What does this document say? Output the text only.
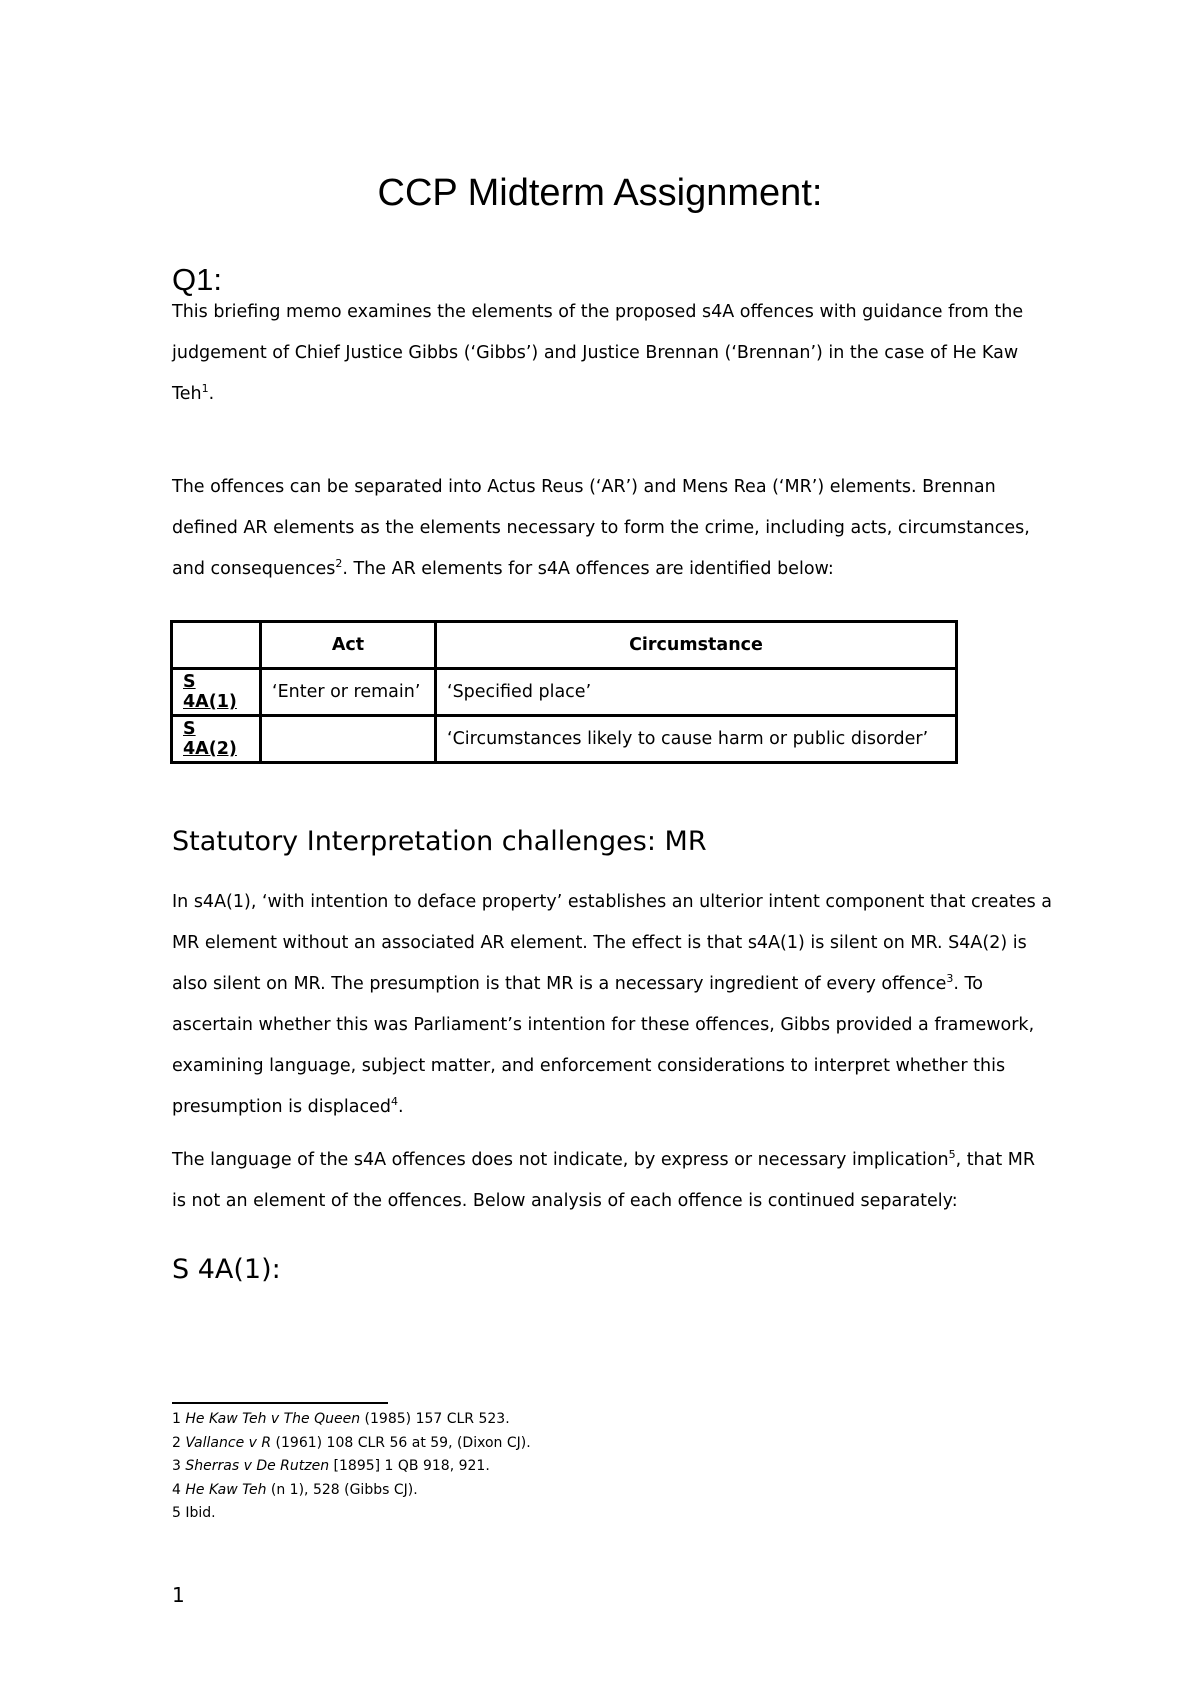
CCP Midterm Assignment:
Q1:

This briefing memo examines the elements of the proposed s4A offences with guidance from the judgement of Chief Justice Gibbs (‘Gibbs’) and Justice Brennan (‘Brennan’) in the case of He Kaw Teh$^1$.

The offences can be separated into Actus Reus (‘AR’) and Mens Rea (‘MR’) elements. Brennan defined AR elements as the elements necessary to form the crime, including acts, circumstances, and consequences$^2$. The AR elements for s4A offences are identified below:

	Act	Circumstance
S 4A(1)	‘Enter or remain’	‘Specified place’
S 4A(2)		‘Circumstances likely to cause harm or public disorder’
Statutory Interpretation challenges: MR

In s4A(1), ‘with intention to deface property’ establishes an ulterior intent component that creates a MR element without an associated AR element. The effect is that s4A(1) is silent on MR. S4A(2) is also silent on MR. The presumption is that MR is a necessary ingredient of every offence$^3$. To ascertain whether this was Parliament’s intention for these offences, Gibbs provided a framework, examining language, subject matter, and enforcement considerations to interpret whether this presumption is displaced$^4$.

The language of the s4A offences does not indicate, by express or necessary implication$^5$, that MR is not an element of the offences. Below analysis of each offence is continued separately:

S 4A(1):
1 He Kaw Teh v The Queen (1985) 157 CLR 523.
2 Vallance v R (1961) 108 CLR 56 at 59, (Dixon CJ).
3 Sherras v De Rutzen [1895] 1 QB 918, 921.
4 He Kaw Teh (n 1), 528 (Gibbs CJ).
5 Ibid.
1
